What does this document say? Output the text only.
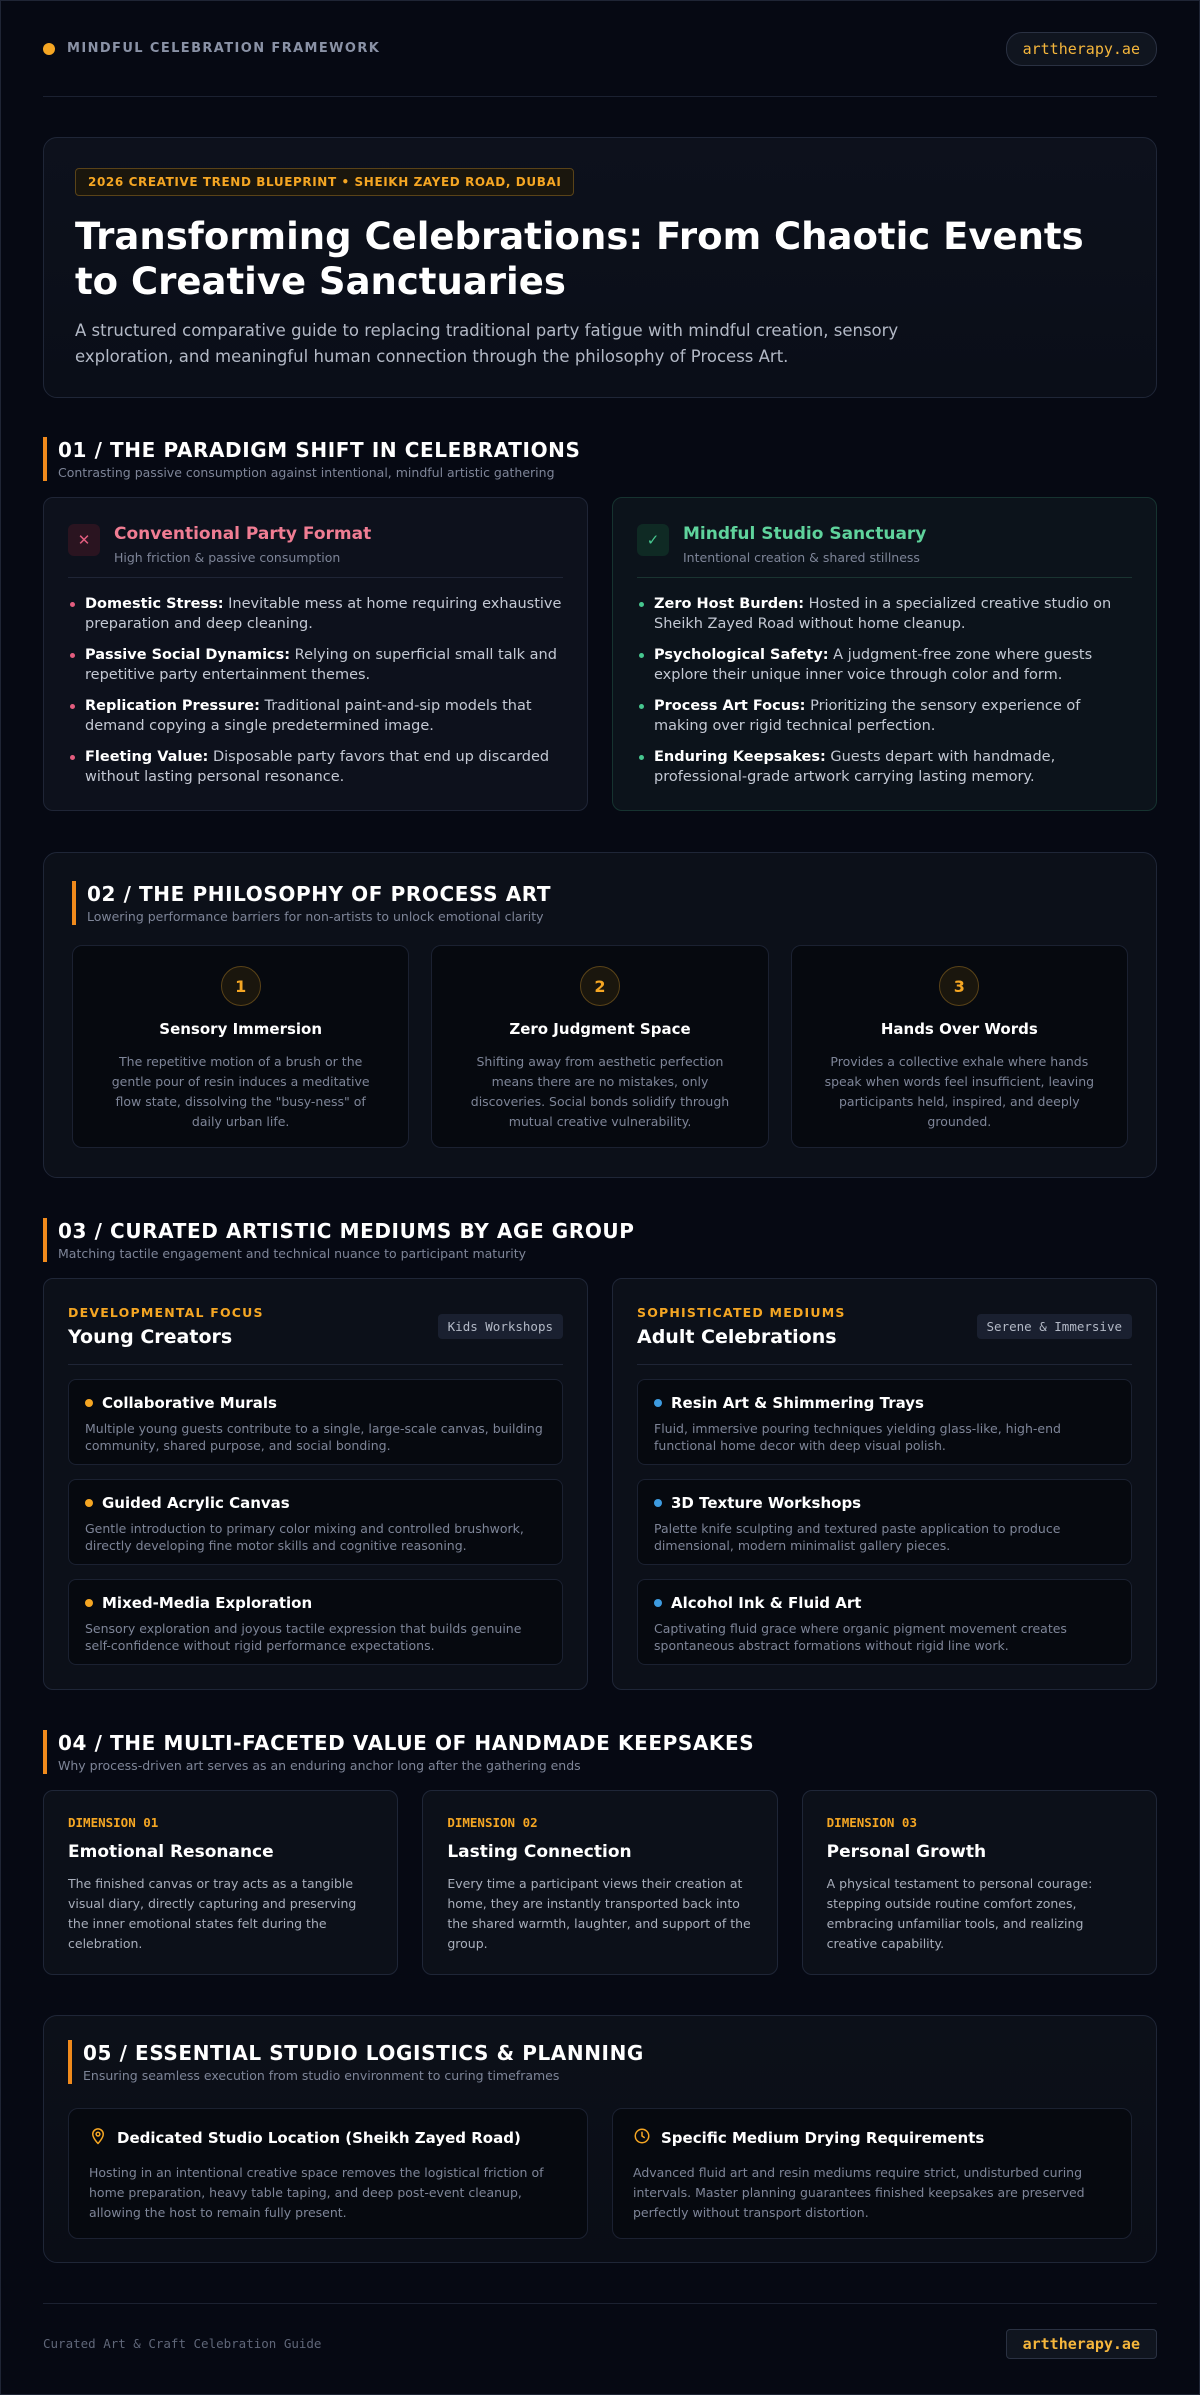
MINDFUL CELEBRATION FRAMEWORK	arttherapy.ae
2026 CREATIVE TREND BLUEPRINT • SHEIKH ZAYED ROAD, DUBAI
Transforming Celebrations: From Chaotic Events to Creative Sanctuaries

A structured comparative guide to replacing traditional party fatigue with mindful creation, sensory exploration, and meaningful human connection through the philosophy of Process Art.

01 / THE PARADIGM SHIFT IN CELEBRATIONS
Contrasting passive consumption against intentional, mindful artistic gathering
✕	Conventional Party Format
High friction & passive consumption
Domestic Stress: Inevitable mess at home requiring exhaustive preparation and deep cleaning.
Passive Social Dynamics: Relying on superficial small talk and repetitive party entertainment themes.
Replication Pressure: Traditional paint-and-sip models that demand copying a single predetermined image.
Fleeting Value: Disposable party favors that end up discarded without lasting personal resonance.
✓	Mindful Studio Sanctuary
Intentional creation & shared stillness
Zero Host Burden: Hosted in a specialized creative studio on Sheikh Zayed Road without home cleanup.
Psychological Safety: A judgment-free zone where guests explore their unique inner voice through color and form.
Process Art Focus: Prioritizing the sensory experience of making over rigid technical perfection.
Enduring Keepsakes: Guests depart with handmade, professional-grade artwork carrying lasting memory.
02 / THE PHILOSOPHY OF PROCESS ART
Lowering performance barriers for non-artists to unlock emotional clarity
1
Sensory Immersion
The repetitive motion of a brush or the gentle pour of resin induces a meditative flow state, dissolving the "busy-ness" of daily urban life.
2
Zero Judgment Space
Shifting away from aesthetic perfection means there are no mistakes, only discoveries. Social bonds solidify through mutual creative vulnerability.
3
Hands Over Words
Provides a collective exhale where hands speak when words feel insufficient, leaving participants held, inspired, and deeply grounded.
03 / CURATED ARTISTIC MEDIUMS BY AGE GROUP
Matching tactile engagement and technical nuance to participant maturity
DEVELOPMENTAL FOCUS
Young Creators	Kids Workshops
Collaborative Murals
Multiple young guests contribute to a single, large-scale canvas, building community, shared purpose, and social bonding.
Guided Acrylic Canvas
Gentle introduction to primary color mixing and controlled brushwork, directly developing fine motor skills and cognitive reasoning.
Mixed-Media Exploration
Sensory exploration and joyous tactile expression that builds genuine self-confidence without rigid performance expectations.
SOPHISTICATED MEDIUMS
Adult Celebrations	Serene & Immersive
Resin Art & Shimmering Trays
Fluid, immersive pouring techniques yielding glass-like, high-end functional home decor with deep visual polish.
3D Texture Workshops
Palette knife sculpting and textured paste application to produce dimensional, modern minimalist gallery pieces.
Alcohol Ink & Fluid Art
Captivating fluid grace where organic pigment movement creates spontaneous abstract formations without rigid line work.
04 / THE MULTI-FACETED VALUE OF HANDMADE KEEPSAKES
Why process-driven art serves as an enduring anchor long after the gathering ends
DIMENSION 01
Emotional Resonance
The finished canvas or tray acts as a tangible visual diary, directly capturing and preserving the inner emotional states felt during the celebration.
DIMENSION 02
Lasting Connection
Every time a participant views their creation at home, they are instantly transported back into the shared warmth, laughter, and support of the group.
DIMENSION 03
Personal Growth
A physical testament to personal courage: stepping outside routine comfort zones, embracing unfamiliar tools, and realizing creative capability.
05 / ESSENTIAL STUDIO LOGISTICS & PLANNING
Ensuring seamless execution from studio environment to curing timeframes
Dedicated Studio Location (Sheikh Zayed Road)
Hosting in an intentional creative space removes the logistical friction of home preparation, heavy table taping, and deep post-event cleanup, allowing the host to remain fully present.
Specific Medium Drying Requirements
Advanced fluid art and resin mediums require strict, undisturbed curing intervals. Master planning guarantees finished keepsakes are preserved perfectly without transport distortion.
Curated Art & Craft Celebration Guide	arttherapy.ae
